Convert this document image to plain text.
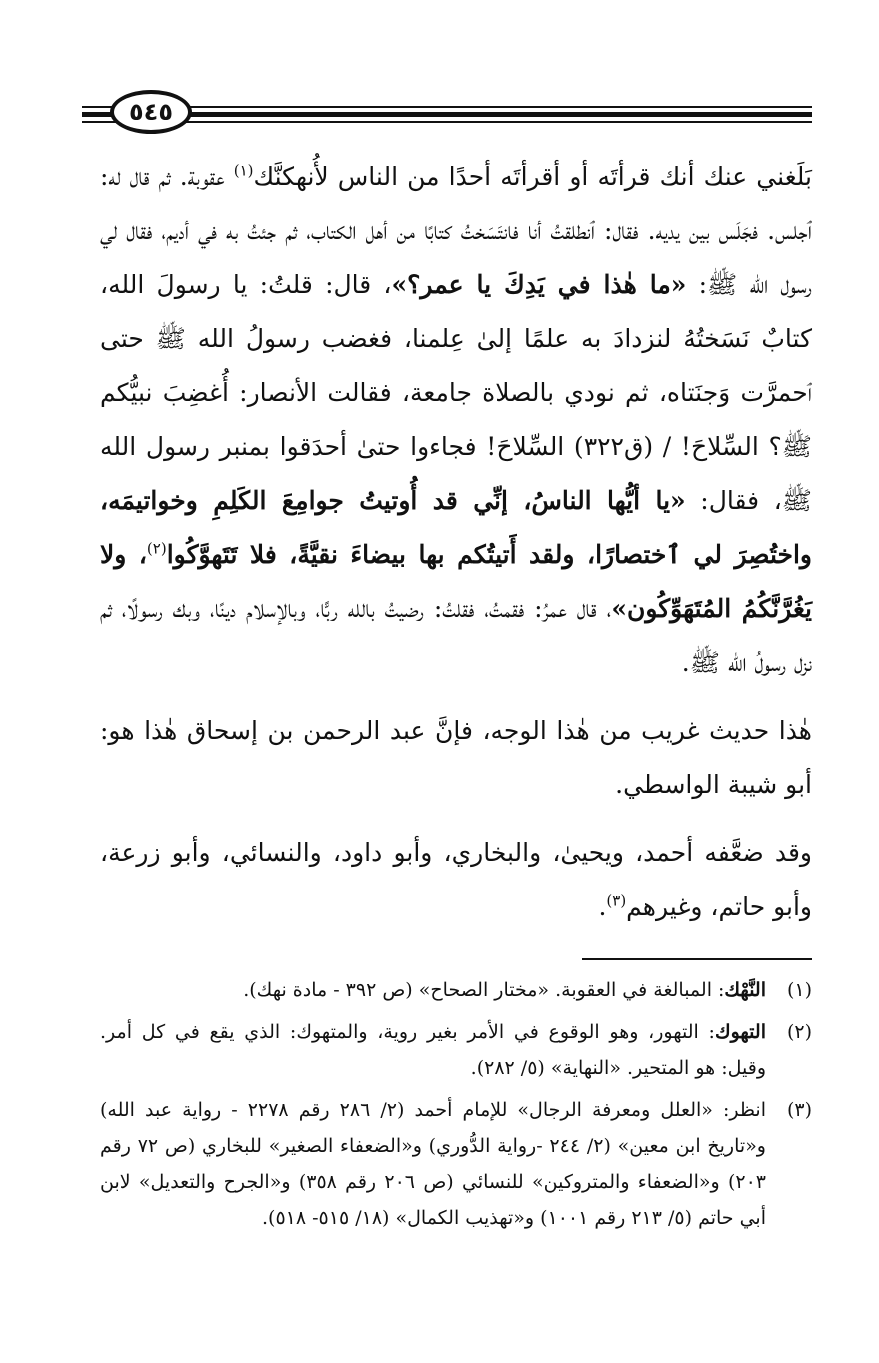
٥٤٥

بَلَغني عنك أنك قرأتَه أو أقرأتَه أحدًا من الناس لأُنهكنَّك$^{(١)}$ عقوبة. ثم قال له: ٱجلس. فجَلَس بين يديه. فقال: ٱنطلقتُ أنا فانتَسَختُ كتابًا من أهل الكتاب، ثم جئتُ به في أديم، فقال لي رسول الله ﷺ: «ما هٰذا في يَدِكَ يا عمر؟»، قال: قلتُ: يا رسولَ الله، كتابٌ نَسَختُهُ لنزدادَ به علمًا إلىٰ عِلمنا، فغضب رسولُ الله ﷺ حتى ٱحمرَّت وَجنَتاه، ثم نودي بالصلاة جامعة، فقالت الأنصار: أُغضِبَ نبيُّكم ﷺ؟ السِّلاحَ! / (ق٣٢٢) السِّلاحَ! فجاءوا حتىٰ أحدَقوا بمنبر رسول الله ﷺ، فقال: «يا أيُّها الناسُ، إنِّي قد أُوتيتُ جوامِعَ الكَلِمِ وخواتيمَه، واختُصِرَ لي ٱختصارًا، ولقد أَتيتُكم بها بيضاءَ نقيَّةً، فلا تَتَهوَّكُوا$^{(٢)}$، ولا يَغُرَّنَّكُمُ المُتَهَوِّكُون»، قال عمرُ: فقمتُ، فقلتُ: رضيتُ بالله ربًّا، وبالإسلام دينًا، وبك رسولًا، ثم نزل رسولُ الله ﷺ.

هٰذا حديث غريب من هٰذا الوجه، فإنَّ عبد الرحمن بن إسحاق هٰذا هو: أبو شيبة الواسطي.

وقد ضعَّفه أحمد، ويحيىٰ، والبخاري، وأبو داود، والنسائي، وأبو زرعة، وأبو حاتم، وغيرهم$^{(٣)}$.

(١)
النَّهْك: المبالغة في العقوبة. «مختار الصحاح» (ص ٣٩٢ - مادة نهك).
(٢)
التهوك: التهور، وهو الوقوع في الأمر بغير روية، والمتهوك: الذي يقع في كل أمر. وقيل: هو المتحير. «النهاية» (٥/ ٢٨٢).
(٣)
انظر: «العلل ومعرفة الرجال» للإمام أحمد (٢/ ٢٨٦ رقم ٢٢٧٨ - رواية عبد الله) و«تاريخ ابن معين» (٢/ ٢٤٤ -رواية الدُّوري) و«الضعفاء الصغير» للبخاري (ص ٧٢ رقم ٢٠٣) و«الضعفاء والمتروكين» للنسائي (ص ٢٠٦ رقم ٣٥٨) و«الجرح والتعديل» لابن أبي حاتم (٥/ ٢١٣ رقم ١٠٠١) و«تهذيب الكمال» (١٨/ ٥١٥- ٥١٨).
